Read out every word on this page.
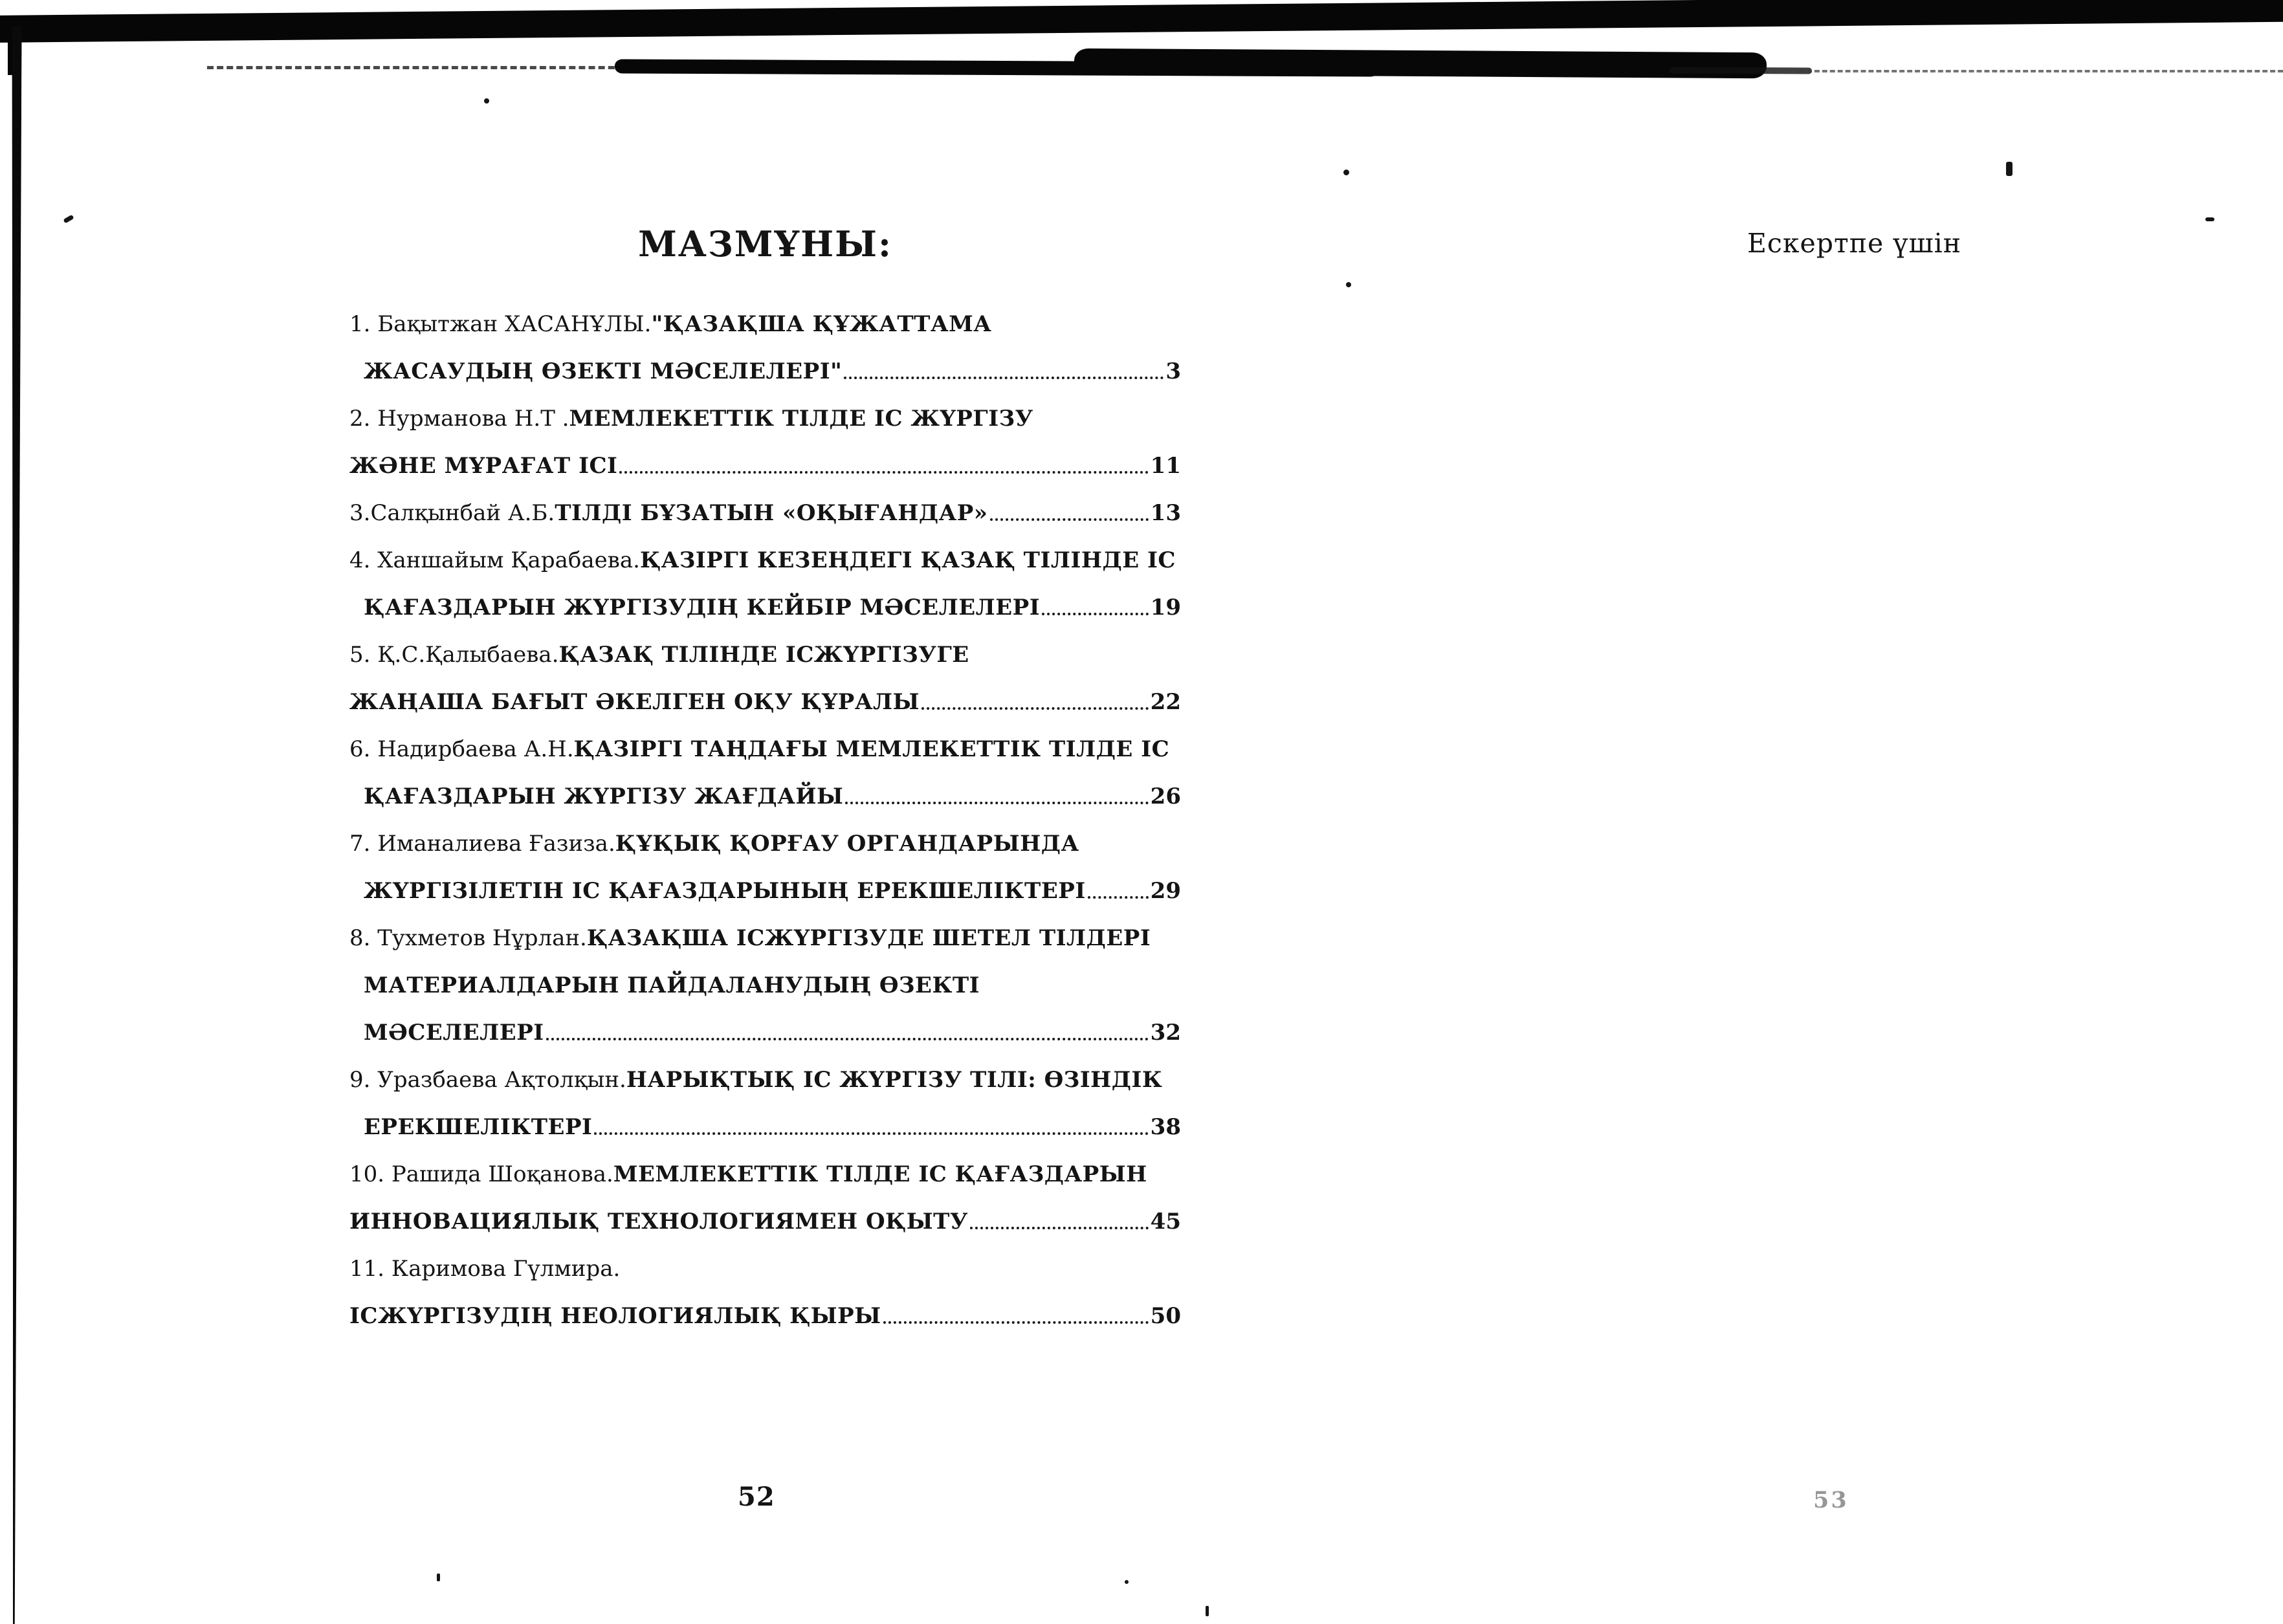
МАЗМҰНЫ:
1. Бақытжан ХАСАНҰЛЫ. "ҚАЗАҚША ҚҰЖАТТАМА
ЖАСАУДЫҢ ӨЗЕКТІ МӘСЕЛЕЛЕРІ"	3
2. Нурманова Н.Т . МЕМЛЕКЕТТІК ТІЛДЕ ІС ЖҮРГІЗУ
ЖӘНЕ МҰРАҒАТ ІСІ	11
3.Салқынбай А.Б. ТІЛДІ БҰЗАТЫН «ОҚЫҒАНДАР»	13
4. Ханшайым Қарабаева. ҚАЗІРГІ КЕЗЕҢДЕГІ ҚАЗАҚ ТІЛІНДЕ ІС
ҚАҒАЗДАРЫН ЖҮРГІЗУДІҢ КЕЙБІР МӘСЕЛЕЛЕРІ	19
5. Қ.С.Қалыбаева. ҚАЗАҚ ТІЛІНДЕ ІСЖҮРГІЗУГЕ
ЖАҢАША БАҒЫТ ӘКЕЛГЕН ОҚУ ҚҰРАЛЫ	22
6. Надирбаева А.Н. ҚАЗІРГІ ТАҢДАҒЫ МЕМЛЕКЕТТІК ТІЛДЕ ІС
ҚАҒАЗДАРЫН ЖҮРГІЗУ ЖАҒДАЙЫ	26
7. Иманалиева Ғазиза. ҚҰҚЫҚ ҚОРҒАУ ОРГАНДАРЫНДА
ЖҮРГІЗІЛЕТІН ІС ҚАҒАЗДАРЫНЫҢ ЕРЕКШЕЛІКТЕРІ	29
8. Тухметов Нұрлан. ҚАЗАҚША ІСЖҮРГІЗУДЕ ШЕТЕЛ ТІЛДЕРІ
МАТЕРИАЛДАРЫН ПАЙДАЛАНУДЫҢ ӨЗЕКТІ
МӘСЕЛЕЛЕРІ	32
9. Уразбаева Ақтолқын. НАРЫҚТЫҚ ІС ЖҮРГІЗУ ТІЛІ: ӨЗІНДІК
ЕРЕКШЕЛІКТЕРІ	38
10. Рашида Шоқанова. МЕМЛЕКЕТТІК ТІЛДЕ ІС ҚАҒАЗДАРЫН
ИННОВАЦИЯЛЫҚ ТЕХНОЛОГИЯМЕН ОҚЫТУ	45
11. Каримова Гүлмира.
ІСЖҮРГІЗУДІҢ НЕОЛОГИЯЛЫҚ ҚЫРЫ	50
Ескертпе үшін
52	53
